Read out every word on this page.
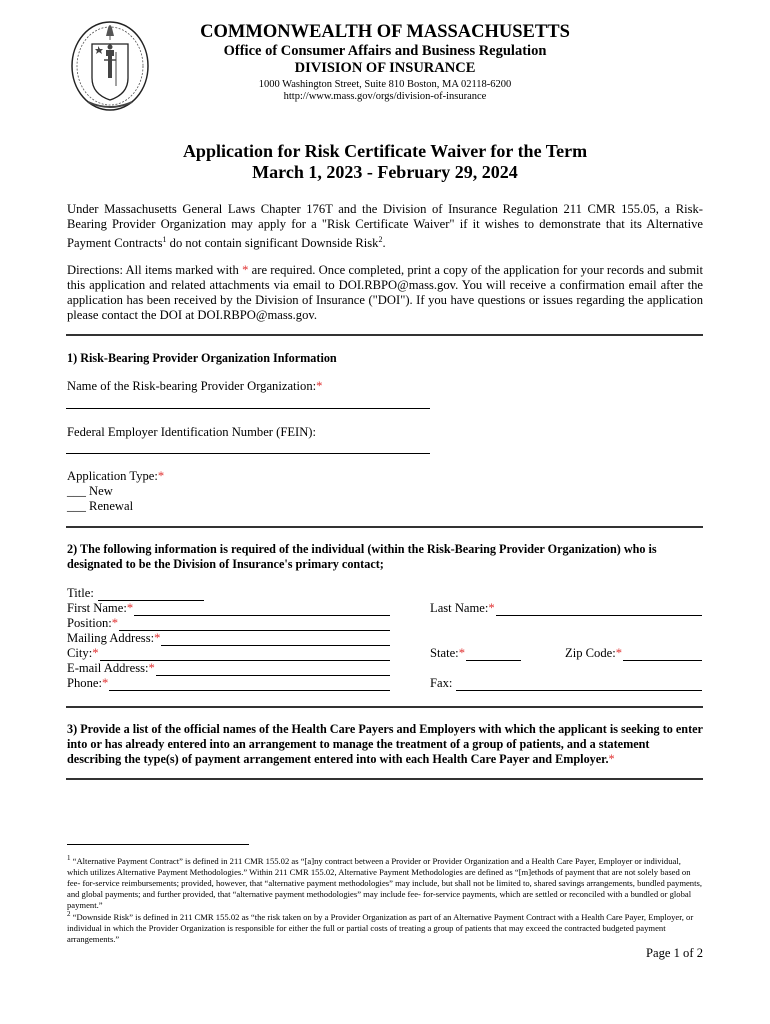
COMMONWEALTH OF MASSACHUSETTS
Office of Consumer Affairs and Business Regulation
DIVISION OF INSURANCE
1000 Washington Street, Suite 810 Boston, MA 02118-6200
http://www.mass.gov/orgs/division-of-insurance
Application for Risk Certificate Waiver for the Term
March 1, 2023 - February 29, 2024
Under Massachusetts General Laws Chapter 176T and the Division of Insurance Regulation 211 CMR 155.05, a Risk-Bearing Provider Organization may apply for a "Risk Certificate Waiver" if it wishes to demonstrate that its Alternative Payment Contracts$^1$ do not contain significant Downside Risk$^2$.
Directions: All items marked with * are required. Once completed, print a copy of the application for your records and submit this application and related attachments via email to DOI.RBPO@mass.gov. You will receive a confirmation email after the application has been received by the Division of Insurance ("DOI"). If you have questions or issues regarding the application please contact the DOI at DOI.RBPO@mass.gov.
1) Risk-Bearing Provider Organization Information
Name of the Risk-bearing Provider Organization:*
Federal Employer Identification Number (FEIN):
Application Type:*
___ New
___ Renewal
2) The following information is required of the individual (within the Risk-Bearing Provider Organization) who is designated to be the Division of Insurance's primary contact;
Title:
First Name: *	Last Name: *
Position: *
Mailing Address: *
City: *	State: *	Zip Code: *
E-mail Address: *
Phone: *	Fax:
3) Provide a list of the official names of the Health Care Payers and Employers with which the applicant is seeking to enter into or has already entered into an arrangement to manage the treatment of a group of patients, and a statement describing the type(s) of payment arrangement entered into with each Health Care Payer and Employer.*
$^1$ “Alternative Payment Contract” is defined in 211 CMR 155.02 as “[a]ny contract between a Provider or Provider Organization and a Health Care Payer, Employer or individual, which utilizes Alternative Payment Methodologies.” Within 211 CMR 155.02, Alternative Payment Methodologies are defined as “[m]ethods of payment that are not solely based on fee- for-service reimbursements; provided, however, that “alternative payment methodologies” may include, but shall not be limited to, shared savings arrangements, bundled payments, and global payments; and further provided, that “alternative payment methodologies” may include fee- for-service payments, which are settled or reconciled with a bundled or global payment.”
$^2$ “Downside Risk” is defined in 211 CMR 155.02 as “the risk taken on by a Provider Organization as part of an Alternative Payment Contract with a Health Care Payer, Employer, or individual in which the Provider Organization is responsible for either the full or partial costs of treating a group of patients that may exceed the contracted budgeted payment arrangements.”
Page 1 of 2
